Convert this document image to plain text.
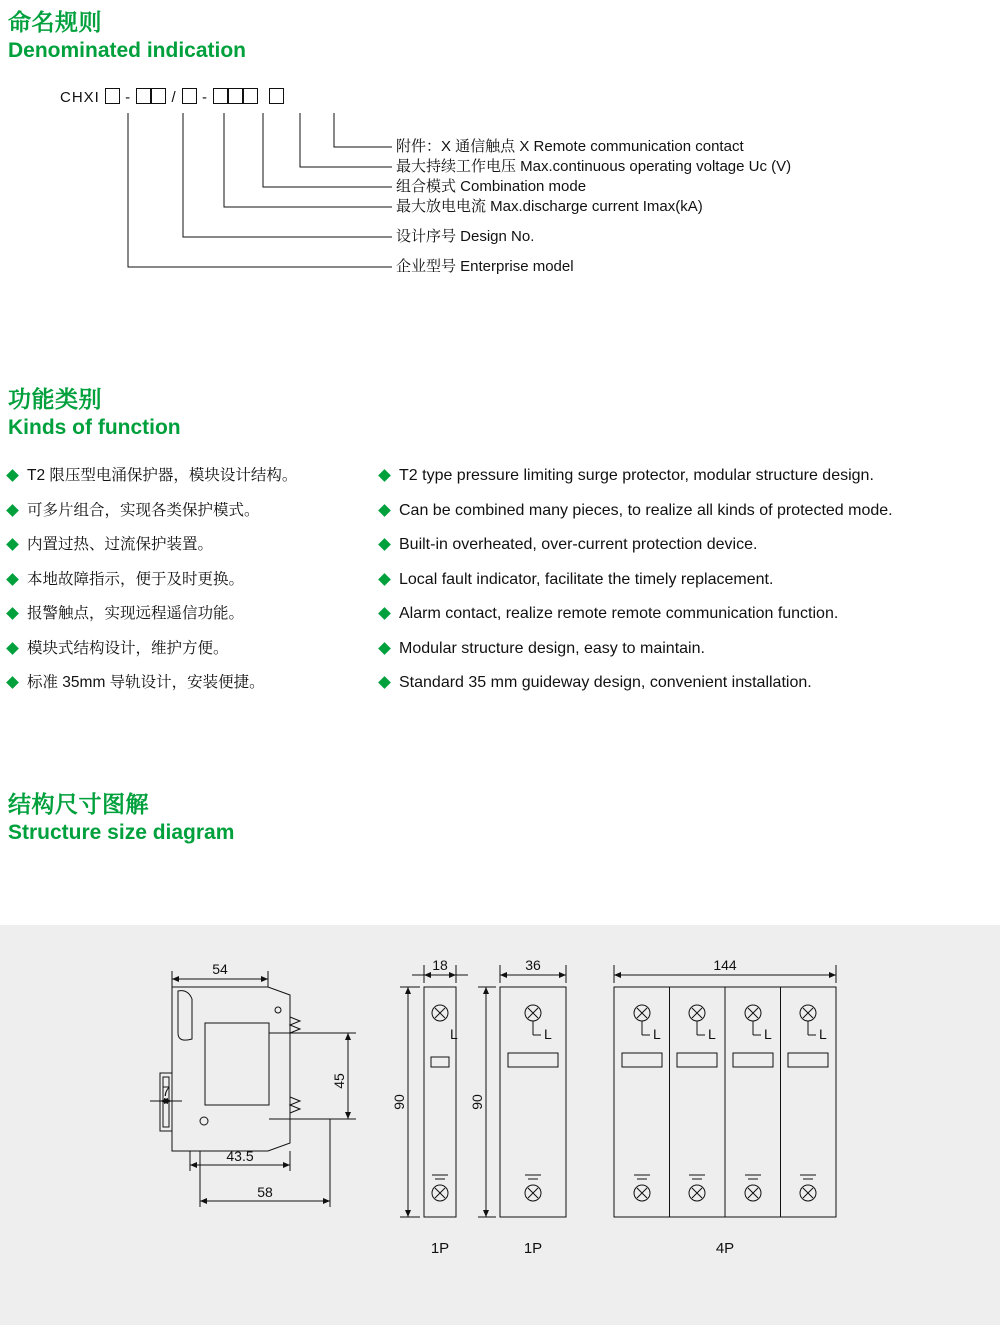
命名规则
Denominated indication
CHXI  -  /  -
附件：X 通信触点 X Remote communication contact
最大持续工作电压 Max.continuous operating voltage Uc (V)
组合模式 Combination mode
最大放电电流 Max.discharge current Imax(kA)
设计序号 Design No.
企业型号 Enterprise model
功能类别
Kinds of function
T2 限压型电涌保护器，模块设计结构。
可多片组合，实现各类保护模式。
内置过热、过流保护装置。
本地故障指示，便于及时更换。
报警触点，实现远程遥信功能。
模块式结构设计，维护方便。
标准 35mm 导轨设计，安装便捷。
T2 type pressure limiting surge protector, modular structure design.
Can be combined many pieces, to realize all kinds of protected mode.
Built-in overheated, over-current protection device.
Local fault indicator, facilitate the timely replacement.
Alarm contact, realize remote remote communication function.
Modular structure design, easy to maintain.
Standard 35 mm guideway design, convenient installation.
结构尺寸图解
Structure size diagram
54
7
45
43.5
58
18
90
36
90
144
L	L	L	L	L	L
1P	1P	4P
